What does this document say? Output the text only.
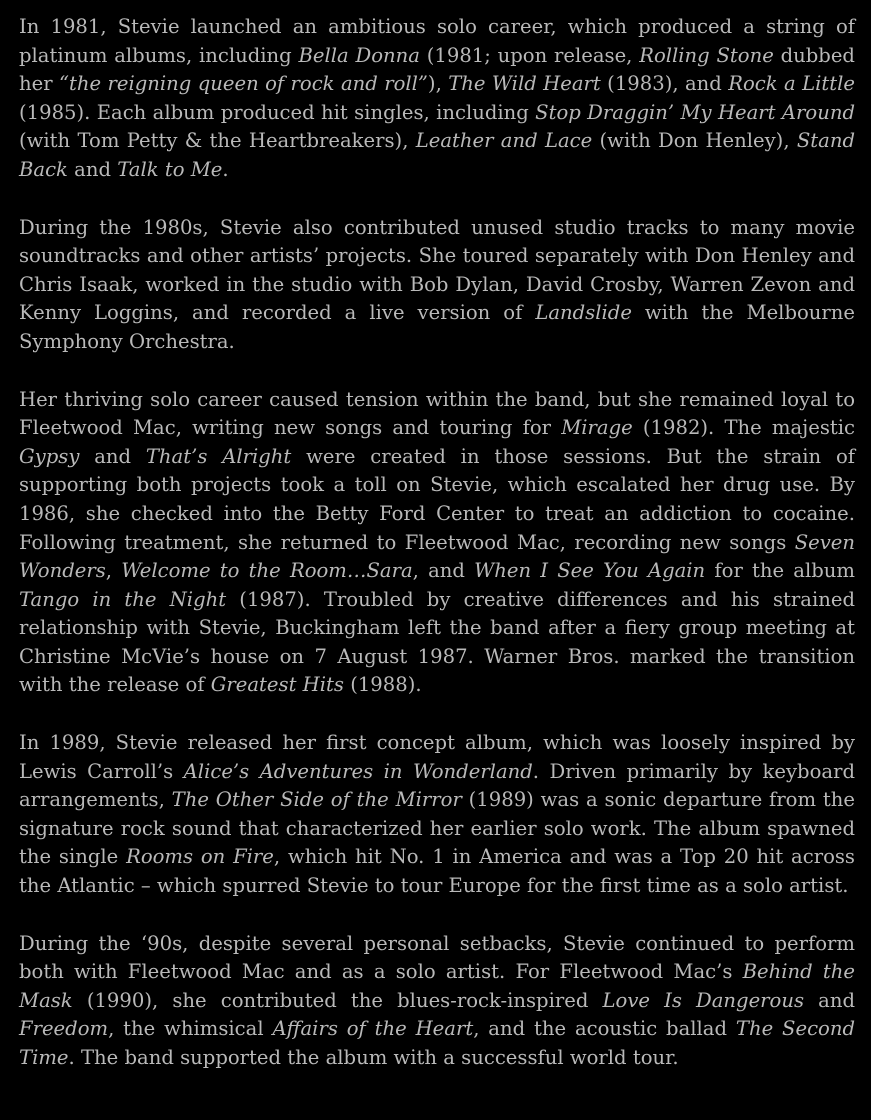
In 1981, Stevie launched an ambitious solo career, which produced a string of platinum albums, including Bella Donna (1981; upon release, Rolling Stone dubbed her “the reigning queen of rock and roll”), The Wild Heart (1983), and Rock a Little (1985). Each album produced hit singles, including Stop Draggin’ My Heart Around (with Tom Petty & the Heartbreakers), Leather and Lace (with Don Henley), Stand Back and Talk to Me.

During the 1980s, Stevie also contributed unused studio tracks to many movie soundtracks and other artists’ projects. She toured separately with Don Henley and Chris Isaak, worked in the studio with Bob Dylan, David Crosby, Warren Zevon and Kenny Loggins, and recorded a live version of Landslide with the Melbourne Symphony Orchestra.

Her thriving solo career caused tension within the band, but she remained loyal to Fleetwood Mac, writing new songs and touring for Mirage (1982). The majestic Gypsy and That’s Alright were created in those sessions. But the strain of supporting both projects took a toll on Stevie, which escalated her drug use. By 1986, she checked into the Betty Ford Center to treat an addiction to cocaine. Following treatment, she returned to Fleetwood Mac, recording new songs Seven Wonders, Welcome to the Room…Sara, and When I See You Again for the album Tango in the Night (1987). Troubled by creative differences and his strained relationship with Stevie, Buckingham left the band after a fiery group meeting at Christine McVie’s house on 7 August 1987. Warner Bros. marked the transition with the release of Greatest Hits (1988).

In 1989, Stevie released her first concept album, which was loosely inspired by Lewis Carroll’s Alice’s Adventures in Wonderland. Driven primarily by keyboard arrangements, The Other Side of the Mirror (1989) was a sonic departure from the signature rock sound that characterized her earlier solo work. The album spawned the single Rooms on Fire, which hit No. 1 in America and was a Top 20 hit across the Atlantic – which spurred Stevie to tour Europe for the first time as a solo artist.

During the ‘90s, despite several personal setbacks, Stevie continued to perform both with Fleetwood Mac and as a solo artist. For Fleetwood Mac’s Behind the Mask (1990), she contributed the blues-rock-inspired Love Is Dangerous and Freedom, the whimsical Affairs of the Heart, and the acoustic ballad The Second Time. The band supported the album with a successful world tour.
